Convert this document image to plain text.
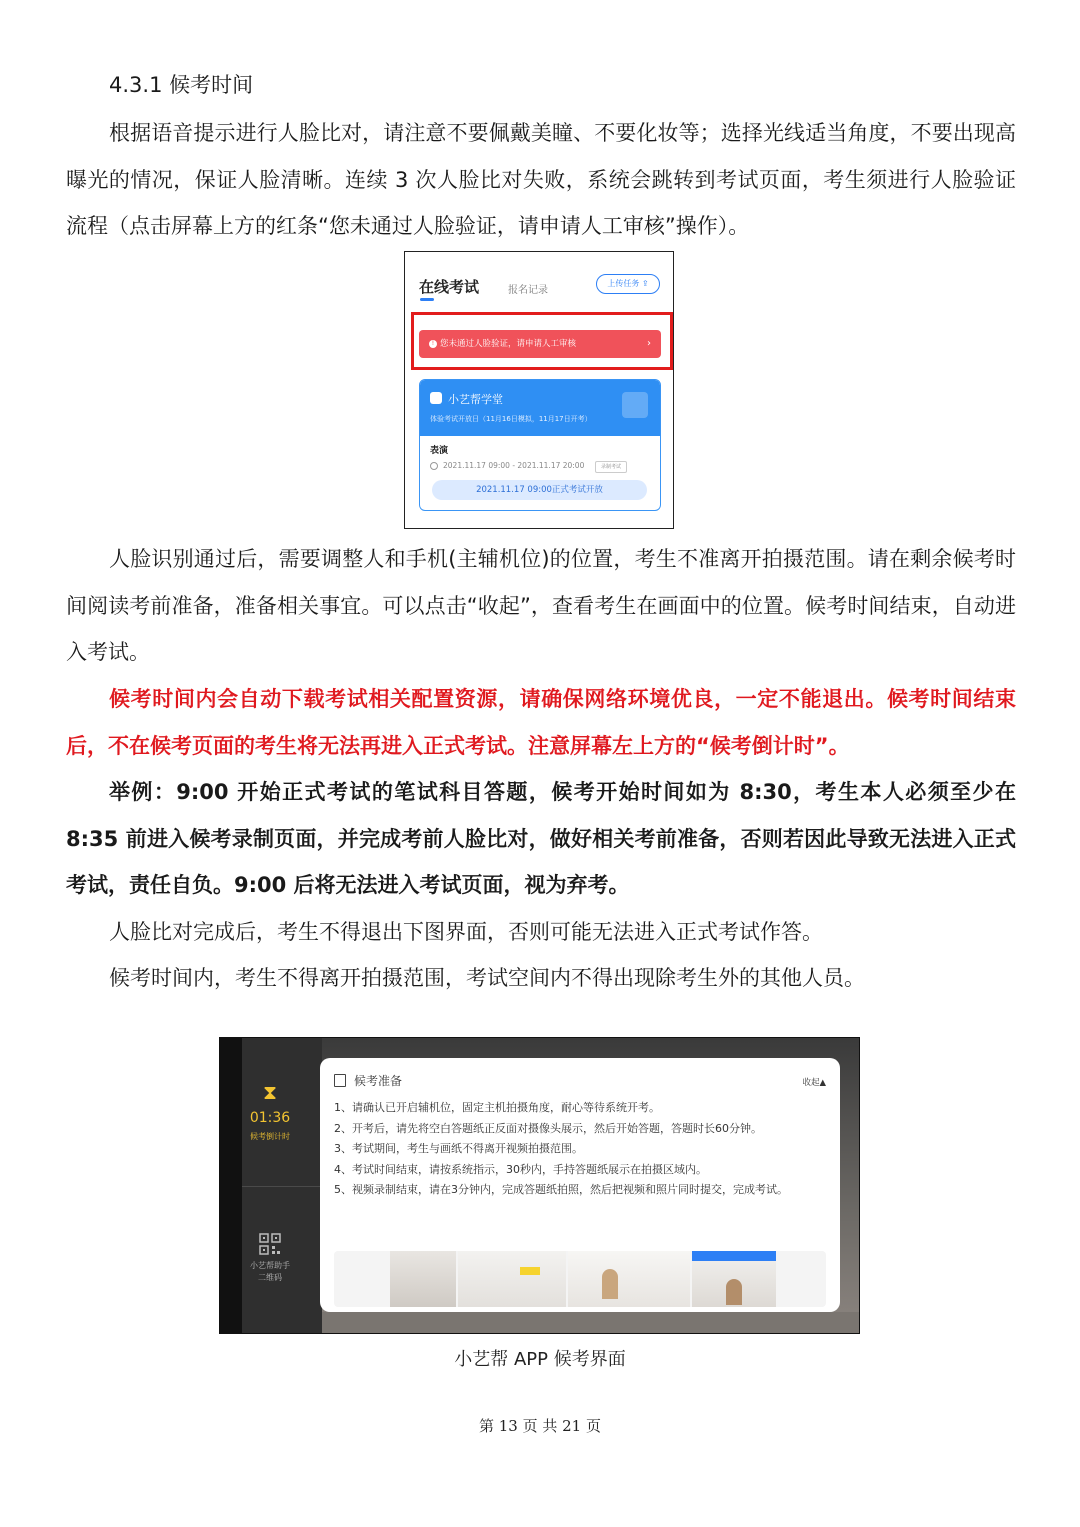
4.3.1 候考时间

根据语音提示进行人脸比对，请注意不要佩戴美瞳、不要化妆等；选择光线适当角度，不要出现高曝光的情况，保证人脸清晰。连续 3 次人脸比对失败，系统会跳转到考试页面，考生须进行人脸验证流程（点击屏幕上方的红条“您未通过人脸验证，请申请人工审核”操作）。

在线考试	报名记录
上传任务 ⇪
! 您未通过人脸验证，请申请人工审核	›
小艺帮学堂
体验考试开放日（11月16日模拟，11月17日开考）
表演
2021.11.17 09:00 - 2021.11.17 20:00	录制考试
2021.11.17 09:00正式考试开放

人脸识别通过后，需要调整人和手机(主辅机位)的位置，考生不准离开拍摄范围。请在剩余候考时间阅读考前准备，准备相关事宜。可以点击“收起”，查看考生在画面中的位置。候考时间结束，自动进入考试。

候考时间内会自动下载考试相关配置资源，请确保网络环境优良，一定不能退出。候考时间结束后，不在候考页面的考生将无法再进入正式考试。注意屏幕左上方的“候考倒计时”。

举例：9:00 开始正式考试的笔试科目答题，候考开始时间如为 8:30，考生本人必须至少在 8:35 前进入候考录制页面，并完成考前人脸比对，做好相关考前准备，否则若因此导致无法进入正式考试，责任自负。9:00 后将无法进入考试页面，视为弃考。

人脸比对完成后，考生不得退出下图界面，否则可能无法进入正式考试作答。

候考时间内，考生不得离开拍摄范围，考试空间内不得出现除考生外的其他人员。

⧗
01:36
候考倒计时
小艺帮助手
二维码
候考准备	收起▲
1、请确认已开启辅机位，固定主机拍摄角度，耐心等待系统开考。
2、开考后，请先将空白答题纸正反面对摄像头展示，然后开始答题，答题时长60分钟。
3、考试期间，考生与画纸不得离开视频拍摄范围。
4、考试时间结束，请按系统指示，30秒内，手持答题纸展示在拍摄区域内。
5、视频录制结束，请在3分钟内，完成答题纸拍照，然后把视频和照片同时提交，完成考试。
小艺帮 APP 候考界面
第 13 页 共 21 页
